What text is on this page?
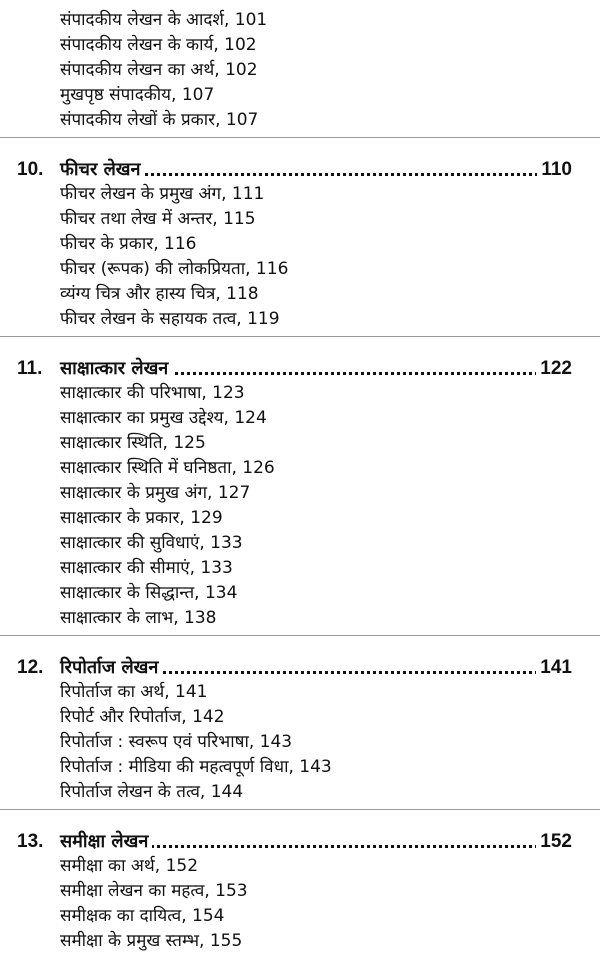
संपादकीय लेखन के आदर्श, 101
संपादकीय लेखन के कार्य, 102
संपादकीय लेखन का अर्थ, 102
मुखपृष्ठ संपादकीय, 107
संपादकीय लेखों के प्रकार, 107
10. फीचर लेखन	110
फीचर लेखन के प्रमुख अंग, 111
फीचर तथा लेख में अन्तर, 115
फीचर के प्रकार, 116
फीचर (रूपक) की लोकप्रियता, 116
व्यंग्य चित्र और हास्य चित्र, 118
फीचर लेखन के सहायक तत्व, 119
11. साक्षात्कार लेखन	122
साक्षात्कार की परिभाषा, 123
साक्षात्कार का प्रमुख उद्देश्य, 124
साक्षात्कार स्थिति, 125
साक्षात्कार स्थिति में घनिष्ठता, 126
साक्षात्कार के प्रमुख अंग, 127
साक्षात्कार के प्रकार, 129
साक्षात्कार की सुविधाएं, 133
साक्षात्कार की सीमाएं, 133
साक्षात्कार के सिद्धान्त, 134
साक्षात्कार के लाभ, 138
12. रिपोर्ताज लेखन	141
रिपोर्ताज का अर्थ, 141
रिपोर्ट और रिपोर्ताज, 142
रिपोर्ताज : स्वरूप एवं परिभाषा, 143
रिपोर्ताज : मीडिया की महत्वपूर्ण विधा, 143
रिपोर्ताज लेखन के तत्व, 144
13. समीक्षा लेखन	152
समीक्षा का अर्थ, 152
समीक्षा लेखन का महत्व, 153
समीक्षक का दायित्व, 154
समीक्षा के प्रमुख स्तम्भ, 155
